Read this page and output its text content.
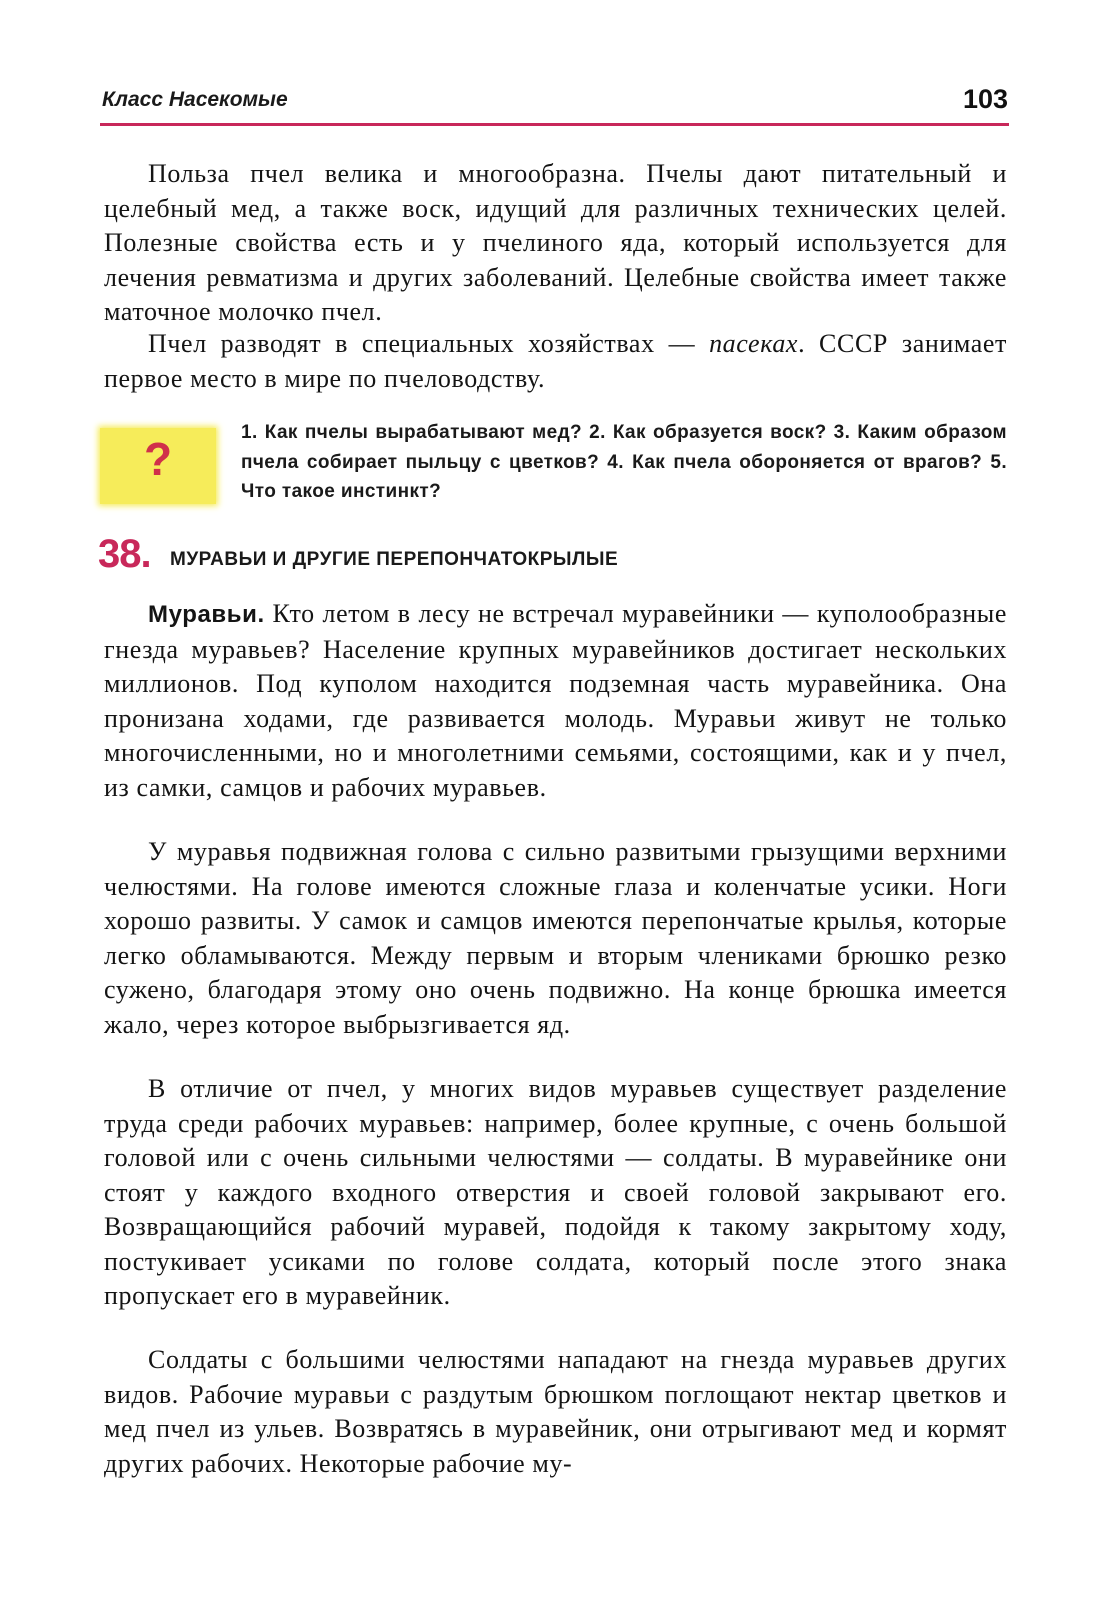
Класс Насекомые	103

Польза пчел велика и многообразна. Пчелы дают питательный и целебный мед, а также воск, идущий для различных технических целей. Полезные свойства есть и у пчелиного яда, который используется для лечения ревматизма и других заболеваний. Целебные свойства имеет также маточное молочко пчел.

Пчел разводят в специальных хозяйствах — пасеках. СССР занимает первое место в мире по пчеловодству.

?

1. Как пчелы вырабатывают мед? 2. Как образуется воск? 3. Каким образом пчела собирает пыльцу с цветков? 4. Как пчела обороняется от врагов? 5. Что такое инстинкт?

38. МУРАВЬИ И ДРУГИЕ ПЕРЕПОНЧАТОКРЫЛЫЕ

Муравьи. Кто летом в лесу не встречал муравейники — куполообразные гнезда муравьев? Население крупных муравейников достигает нескольких миллионов. Под куполом находится подземная часть муравейника. Она пронизана ходами, где развивается молодь. Муравьи живут не только многочисленными, но и многолетними семьями, состоящими, как и у пчел, из самки, самцов и рабочих муравьев.

У муравья подвижная голова с сильно развитыми грызущими верхними челюстями. На голове имеются сложные глаза и коленчатые усики. Ноги хорошо развиты. У самок и самцов имеются перепончатые крылья, которые легко обламываются. Между первым и вторым члениками брюшко резко сужено, благодаря этому оно очень подвижно. На конце брюшка имеется жало, через которое выбрызгивается яд.

В отличие от пчел, у многих видов муравьев существует разделение труда среди рабочих муравьев: например, более крупные, с очень большой головой или с очень сильными челюстями — солдаты. В муравейнике они стоят у каждого входного отверстия и своей головой закрывают его. Возвращающийся рабочий муравей, подойдя к такому закрытому ходу, постукивает усиками по голове солдата, который после этого знака пропускает его в муравейник.

Солдаты с большими челюстями нападают на гнезда муравьев других видов. Рабочие муравьи с раздутым брюшком поглощают нектар цветков и мед пчел из ульев. Возвратясь в муравейник, они отрыгивают мед и кормят других рабочих. Некоторые рабочие му-
